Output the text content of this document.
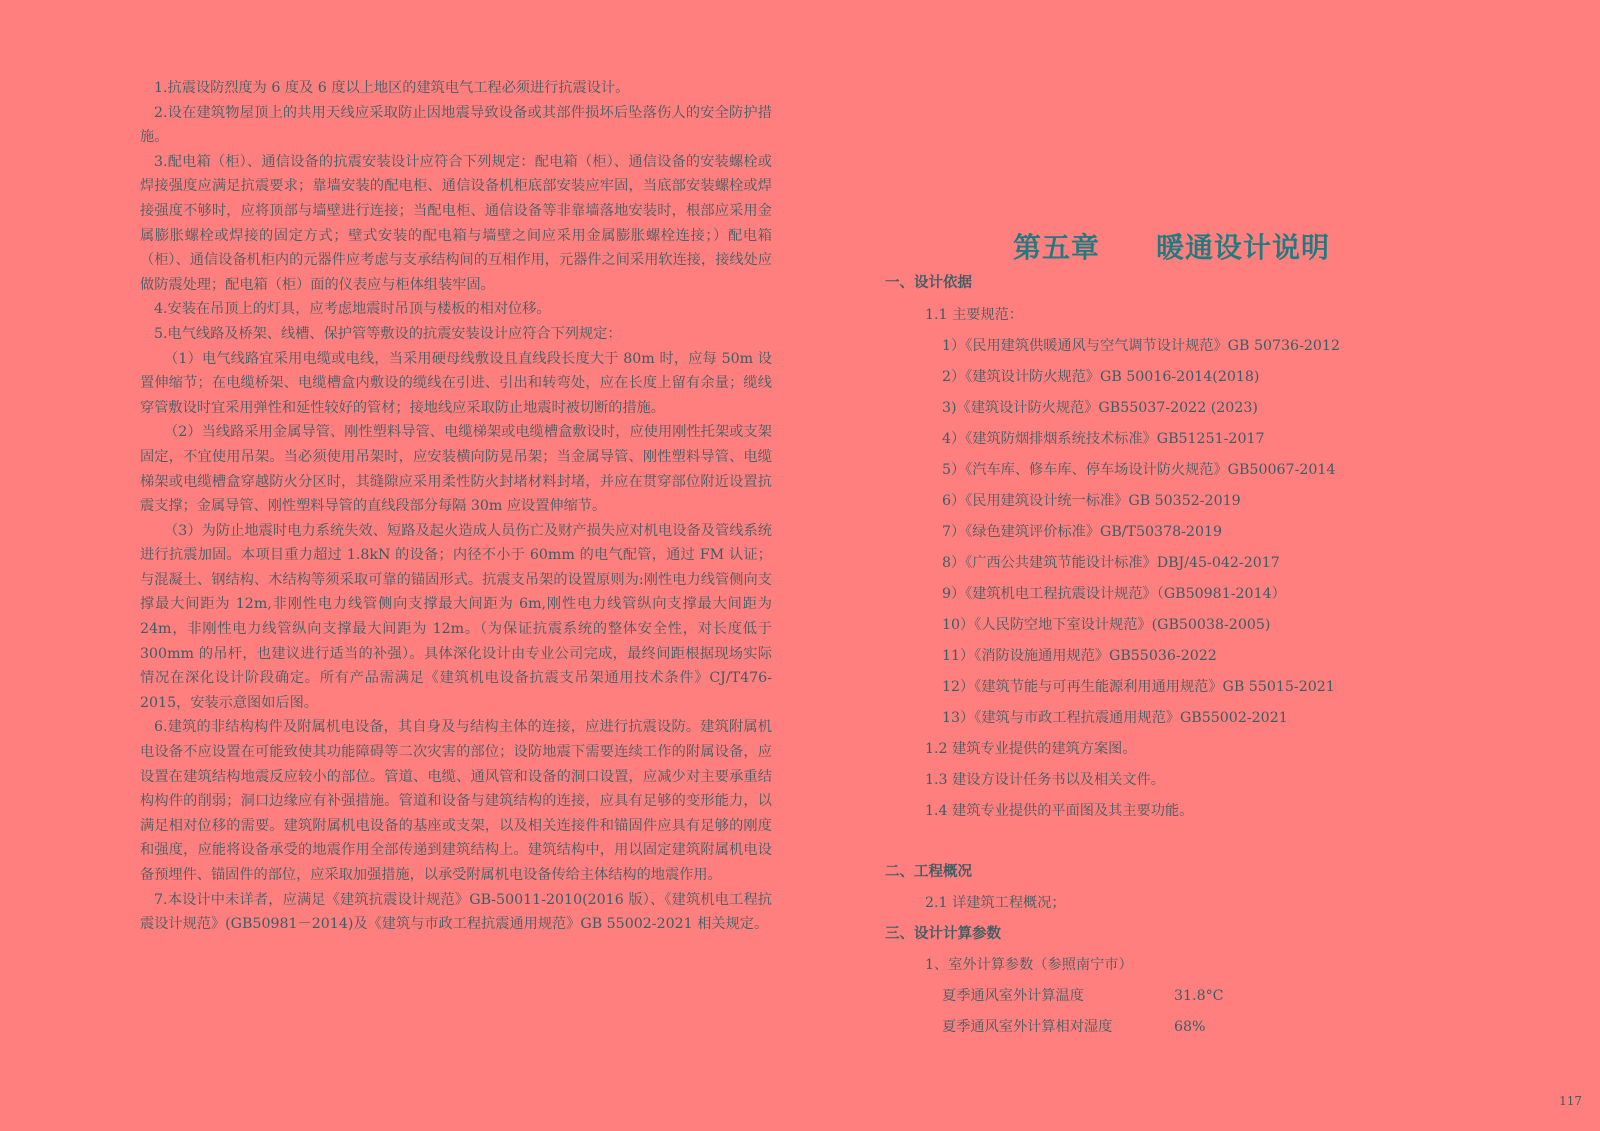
1.抗震设防烈度为 6 度及 6 度以上地区的建筑电气工程必须进行抗震设计。

2.设在建筑物屋顶上的共用天线应采取防止因地震导致设备或其部件损坏后坠落伤人的安全防护措施。

3.配电箱（柜）、通信设备的抗震安装设计应符合下列规定：配电箱（柜）、通信设备的安装螺栓或焊接强度应满足抗震要求；靠墙安装的配电柜、通信设备机柜底部安装应牢固，当底部安装螺栓或焊接强度不够时，应将顶部与墙壁进行连接；当配电柜、通信设备等非靠墙落地安装时，根部应采用金属膨胀螺栓或焊接的固定方式；壁式安装的配电箱与墙壁之间应采用金属膨胀螺栓连接；）配电箱（柜）、通信设备机柜内的元器件应考虑与支承结构间的互相作用，元器件之间采用软连接，接线处应做防震处理；配电箱（柜）面的仪表应与柜体组装牢固。

4.安装在吊顶上的灯具，应考虑地震时吊顶与楼板的相对位移。

5.电气线路及桥架、线槽、保护管等敷设的抗震安装设计应符合下列规定：

（1）电气线路宜采用电缆或电线，当采用硬母线敷设且直线段长度大于 80m 时，应每 50m 设置伸缩节；在电缆桥架、电缆槽盒内敷设的缆线在引进、引出和转弯处，应在长度上留有余量；缆线穿管敷设时宜采用弹性和延性较好的管材；接地线应采取防止地震时被切断的措施。

（2）当线路采用金属导管、刚性塑料导管、电缆梯架或电缆槽盒敷设时，应使用刚性托架或支架固定，不宜使用吊架。当必须使用吊架时，应安装横向防晃吊架；当金属导管、刚性塑料导管、电缆梯架或电缆槽盒穿越防火分区时，其缝隙应采用柔性防火封堵材料封堵，并应在贯穿部位附近设置抗震支撑；金属导管、刚性塑料导管的直线段部分每隔 30m 应设置伸缩节。

（3）为防止地震时电力系统失效、短路及起火造成人员伤亡及财产损失应对机电设备及管线系统进行抗震加固。本项目重力超过 1.8kN 的设备；内径不小于 60mm 的电气配管，通过 FM 认证；与混凝土、钢结构、木结构等须采取可靠的锚固形式。抗震支吊架的设置原则为:刚性电力线管侧向支撑最大间距为 12m,非刚性电力线管侧向支撑最大间距为 6m,刚性电力线管纵向支撑最大间距为 24m，非刚性电力线管纵向支撑最大间距为 12m。（为保证抗震系统的整体安全性，对长度低于 300mm 的吊杆，也建议进行适当的补强）。具体深化设计由专业公司完成，最终间距根据现场实际情况在深化设计阶段确定。所有产品需满足《建筑机电设备抗震支吊架通用技术条件》CJ/T476-2015，安装示意图如后图。

6.建筑的非结构构件及附属机电设备，其自身及与结构主体的连接，应进行抗震设防。建筑附属机电设备不应设置在可能致使其功能障碍等二次灾害的部位；设防地震下需要连续工作的附属设备，应设置在建筑结构地震反应较小的部位。管道、电缆、通风管和设备的洞口设置，应减少对主要承重结构构件的削弱；洞口边缘应有补强措施。管道和设备与建筑结构的连接，应具有足够的变形能力，以满足相对位移的需要。建筑附属机电设备的基座或支架，以及相关连接件和锚固件应具有足够的刚度和强度，应能将设备承受的地震作用全部传递到建筑结构上。建筑结构中，用以固定建筑附属机电设备预埋件、锚固件的部位，应采取加强措施，以承受附属机电设备传给主体结构的地震作用。

7.本设计中未详者，应满足《建筑抗震设计规范》GB-50011-2010(2016 版）、《建筑机电工程抗震设计规范》(GB50981－2014)及《建筑与市政工程抗震通用规范》GB 55002-2021 相关规定。

第五章 暖通设计说明
一、设计依据
1.1 主要规范：
1）《民用建筑供暖通风与空气调节设计规范》GB 50736-2012
2）《建筑设计防火规范》GB 50016-2014(2018)
3)《建筑设计防火规范》GB55037-2022 (2023)
4）《建筑防烟排烟系统技术标准》GB51251-2017
5）《汽车库、修车库、停车场设计防火规范》GB50067-2014
6）《民用建筑设计统一标准》GB 50352-2019
7）《绿色建筑评价标准》GB/T50378-2019
8）《广西公共建筑节能设计标准》DBJ/45-042-2017
9）《建筑机电工程抗震设计规范》（GB50981-2014）
10）《人民防空地下室设计规范》(GB50038-2005)
11）《消防设施通用规范》GB55036-2022
12）《建筑节能与可再生能源利用通用规范》GB 55015-2021
13）《建筑与市政工程抗震通用规范》GB55002-2021
1.2 建筑专业提供的建筑方案图。
1.3 建设方设计任务书以及相关文件。
1.4 建筑专业提供的平面图及其主要功能。
二、工程概况
2.1 详建筑工程概况；
三、设计计算参数
1、室外计算参数（参照南宁市）
夏季通风室外计算温度	31.8°C
夏季通风室外计算相对湿度	68%
117
